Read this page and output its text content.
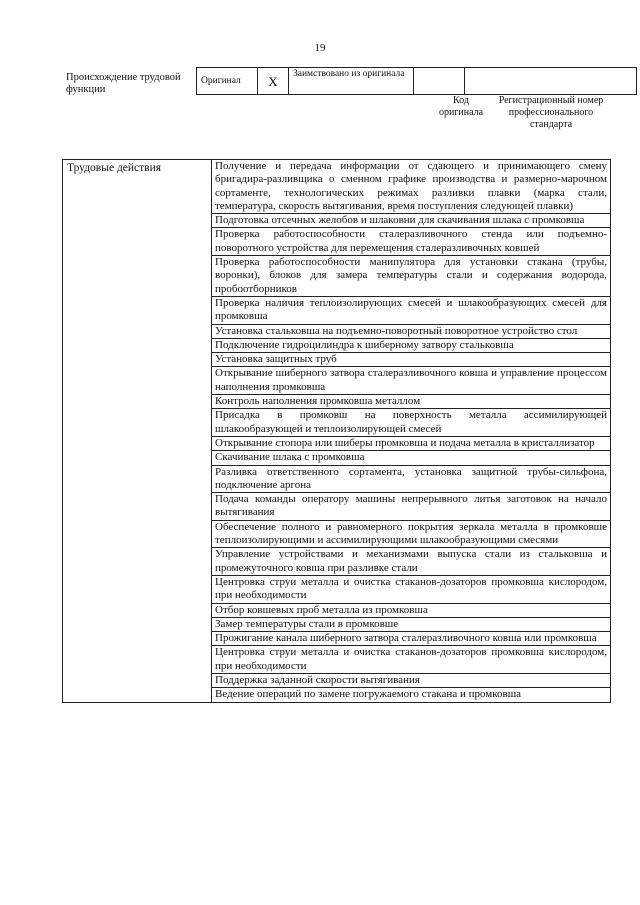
19
Происхождение трудовой функции
Оригинал	X	Заимствовано из оригинала		
Код оригинала
Регистрационный номер профессионального стандарта
Трудовые действия	Получение и передача информации от сдающего и принимающего смену бригадира-разливщика о сменном графике производства и размерно-марочном сортаменте, технологических режимах разливки плавки (марка стали, температура, скорость вытягивания, время поступления следующей плавки)
Подготовка отсечных желобов и шлаковни для скачивания шлака с промковша
Проверка работоспособности сталеразливочного стенда или подъемно-поворотного устройства для перемещения сталеразливочных ковшей
Проверка работоспособности манипулятора для установки стакана (трубы, воронки), блоков для замера температуры стали и содержания водорода, пробоотборников
Проверка наличия теплоизолирующих смесей и шлакообразующих смесей для промковша
Установка стальковша на подъемно-поворотный поворотное устройство стол
Подключение гидроцилиндра к шиберному затвору стальковша
Установка защитных труб
Открывание шиберного затвора сталеразливочного ковша и управление процессом наполнения промковша
Контроль наполнения промковша металлом
Присадка в промковш на поверхность металла ассимилирующей шлакообразующей и теплоизолирующей смесей
Открывание стопора или шиберы промковша и подача металла в кристаллизатор
Скачивание шлака с промковша
Разливка ответственного сортамента, установка защитной трубы-сильфона, подключение аргона
Подача команды оператору машины непрерывного литья заготовок на начало вытягивания
Обеспечение полного и равномерного покрытия зеркала металла в промковше теплоизолирующими и ассимилирующими шлакообразующими смесями
Управление устройствами и механизмами выпуска стали из стальковша и промежуточного ковша при разливке стали
Центровка струи металла и очистка стаканов-дозаторов промковша кислородом, при необходимости
Отбор ковшевых проб металла из промковша
Замер температуры стали в промковше
Прожигание канала шиберного затвора сталеразливочного ковша или промковша
Центровка струи металла и очистка стаканов-дозаторов промковша кислородом, при необходимости
Поддержка заданной скорости вытягивания
Ведение операций по замене погружаемого стакана и промковша
